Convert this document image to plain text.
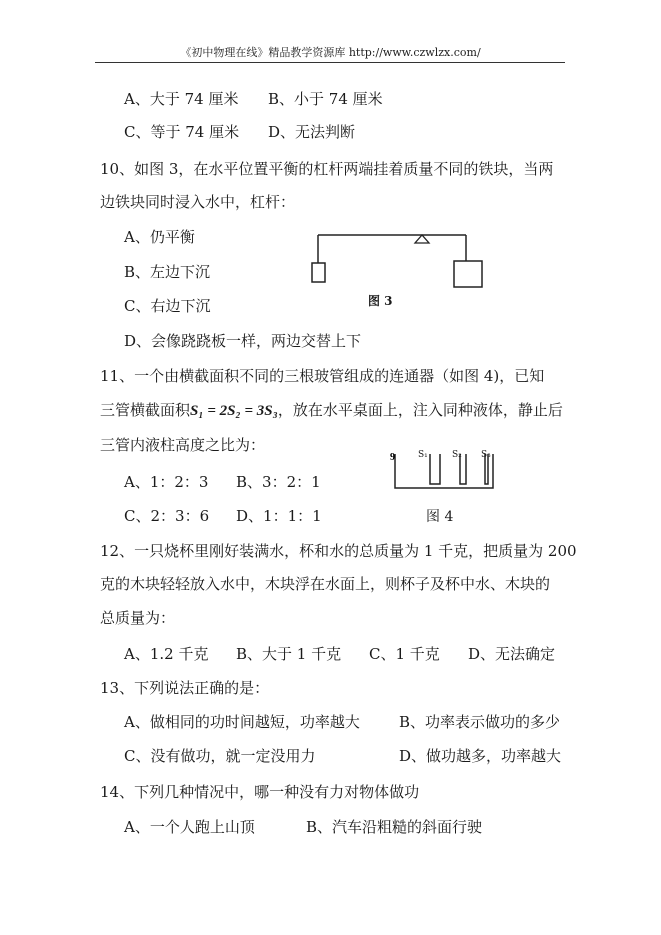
《初中物理在线》精品教学资源库 http://www.czwlzx.com/
A、大于 74 厘米 B、小于 74 厘米
C、等于 74 厘米 D、无法判断
10、如图 3，在水平位置平衡的杠杆两端挂着质量不同的铁块，当两
边铁块同时浸入水中，杠杆：
A、仍平衡
B、左边下沉
C、右边下沉
D、会像跷跷板一样，两边交替上下
图 3
11、一个由横截面积不同的三根玻管组成的连通器（如图 4)，已知
三管横截面积S₁ = 2S₂ = 3S₃，放在水平桌面上，注入同种液体，静止后
三管内液柱高度之比为：
A、1：2：3 B、3：2：1
C、2：3：6 D、1：1：1
9	S₁	S₂ S₃
图 4
12、一只烧杯里刚好装满水，杯和水的总质量为 1 千克，把质量为 200
克的木块轻轻放入水中，木块浮在水面上，则杯子及杯中水、木块的
总质量为：
A、1.2 千克 B、大于 1 千克 C、1 千克 D、无法确定
13、下列说法正确的是：
A、做相同的功时间越短，功率越大	B、功率表示做功的多少
C、没有做功，就一定没用力	D、做功越多，功率越大
14、下列几种情况中，哪一种没有力对物体做功
A、一个人跑上山顶	B、汽车沿粗糙的斜面行驶
